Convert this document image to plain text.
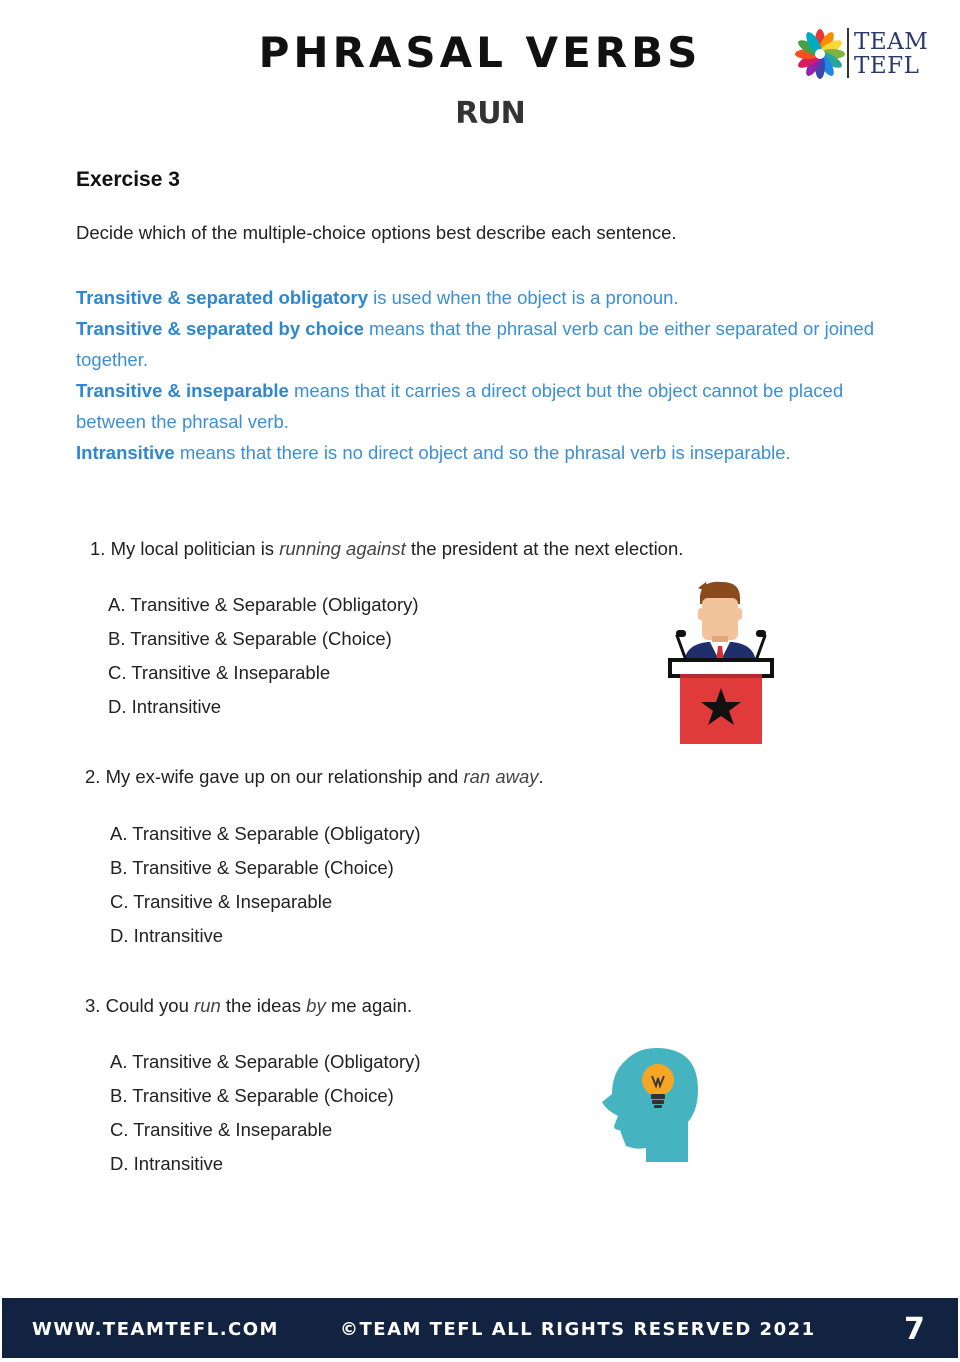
PHRASAL VERBS
RUN
TEAM
TEFL

Exercise 3

Decide which of the multiple-choice options best describe each sentence.

Transitive & separated obligatory is used when the object is a pronoun.

Transitive & separated by choice means that the phrasal verb can be either separated or joined together.

Transitive & inseparable means that it carries a direct object but the object cannot be placed between the phrasal verb.

Intransitive means that there is no direct object and so the phrasal verb is inseparable.

1. My local politician is running against the president at the next election.

A. Transitive & Separable (Obligatory)
B. Transitive & Separable (Choice)
C. Transitive & Inseparable
D. Intransitive

2. My ex-wife gave up on our relationship and ran away.

A. Transitive & Separable (Obligatory)
B. Transitive & Separable (Choice)
C. Transitive & Inseparable
D. Intransitive

3. Could you run the ideas by me again.

A. Transitive & Separable (Obligatory)
B. Transitive & Separable (Choice)
C. Transitive & Inseparable
D. Intransitive
WWW.TEAMTEFL.COM	©TEAM TEFL ALL RIGHTS RESERVED 2021	7
